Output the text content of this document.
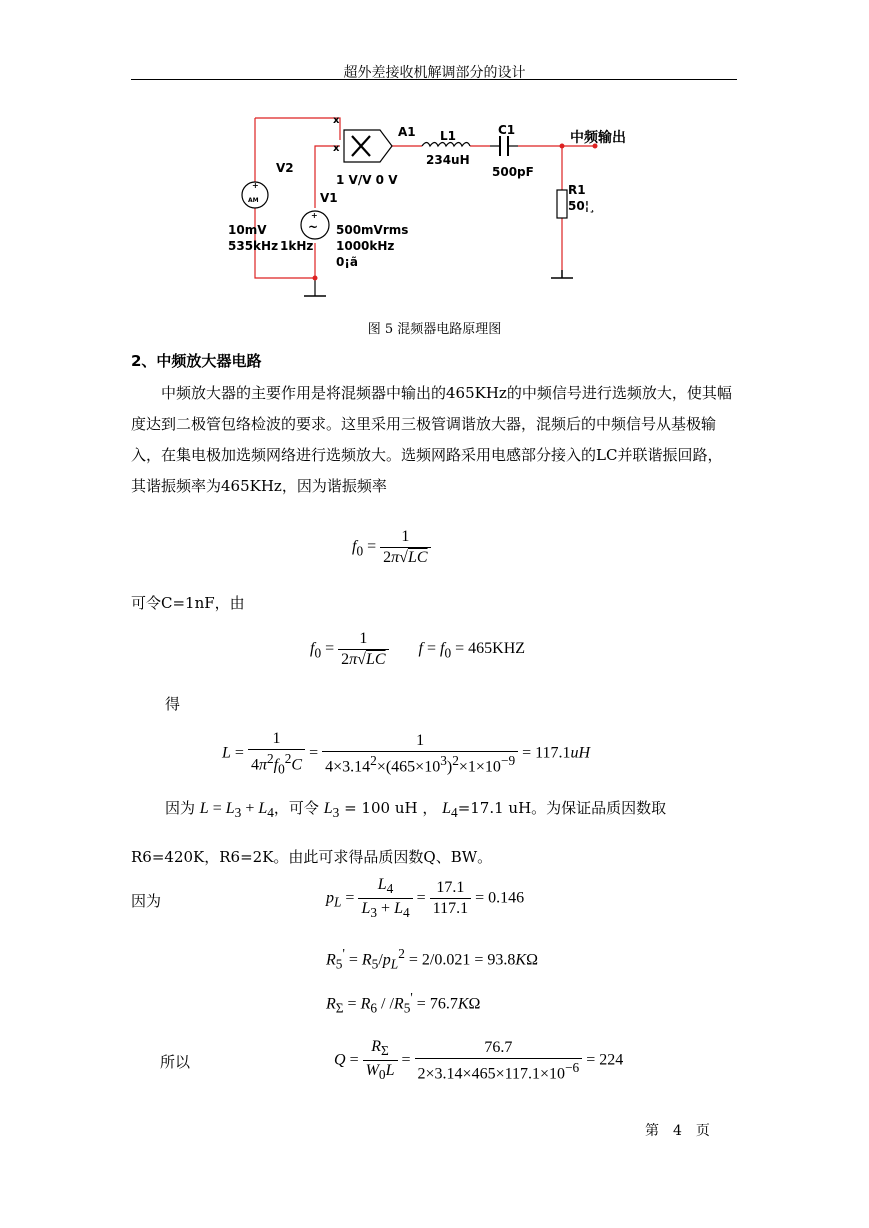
超外差接收机解调部分的设计
x
x
+
AM
+
~
A1 L1
234uH
C1
500pF
中频输出
R1
50¦¸
V2
10mV
535kHz
V1
1kHz
500mVrms
1000kHz
0¡ã
1 V/V 0 V
图 5 混频器电路原理图
2、中频放大器电路
中频放大器的主要作用是将混频器中输出的465KHz的中频信号进行选频放大，使其幅度达到二极管包络检波的要求。这里采用三极管调谐放大器，混频后的中频信号从基极输入，在集电极加选频网络进行选频放大。选频网路采用电感部分接入的LC并联谐振回路，其谐振频率为465KHz，因为谐振频率
$f_0 = \frac{1}{2\pi√LC}$
可令C=1nF，由
$f_0 = \frac{1}{2\pi√LC}$ $f = f_0 = 465KHZ$
得
$L = \frac{1}{4\pi^2f_0^2C} = \frac{1}{4\times 3.14^2\times(465\times 10^3)^2\times 1\times 10^{-9}} = 117.1uH$
因为 $L = L_3 + L_4$，可令 $L_3 = 100$ uH ， $L_4=17.1$ uH。为保证品质因数取
R6=420K，R6=2K。由此可求得品质因数Q、BW。
因为	$p_L = \frac{L_4}{L_3 + L_4} = \frac{17.1}{117.1} = 0.146$
$R_5' = R_5/p_L^2 = 2/0.021 = 93.8K\Omega$
$R_\Sigma = R_6 / /R_5' = 76.7K\Omega$
所以	$Q = \frac{R_\Sigma}{W_0L} = \frac{76.7}{2\times 3.14\times 465\times 117.1\times 10^{-6}} = 224$
第　4　页
